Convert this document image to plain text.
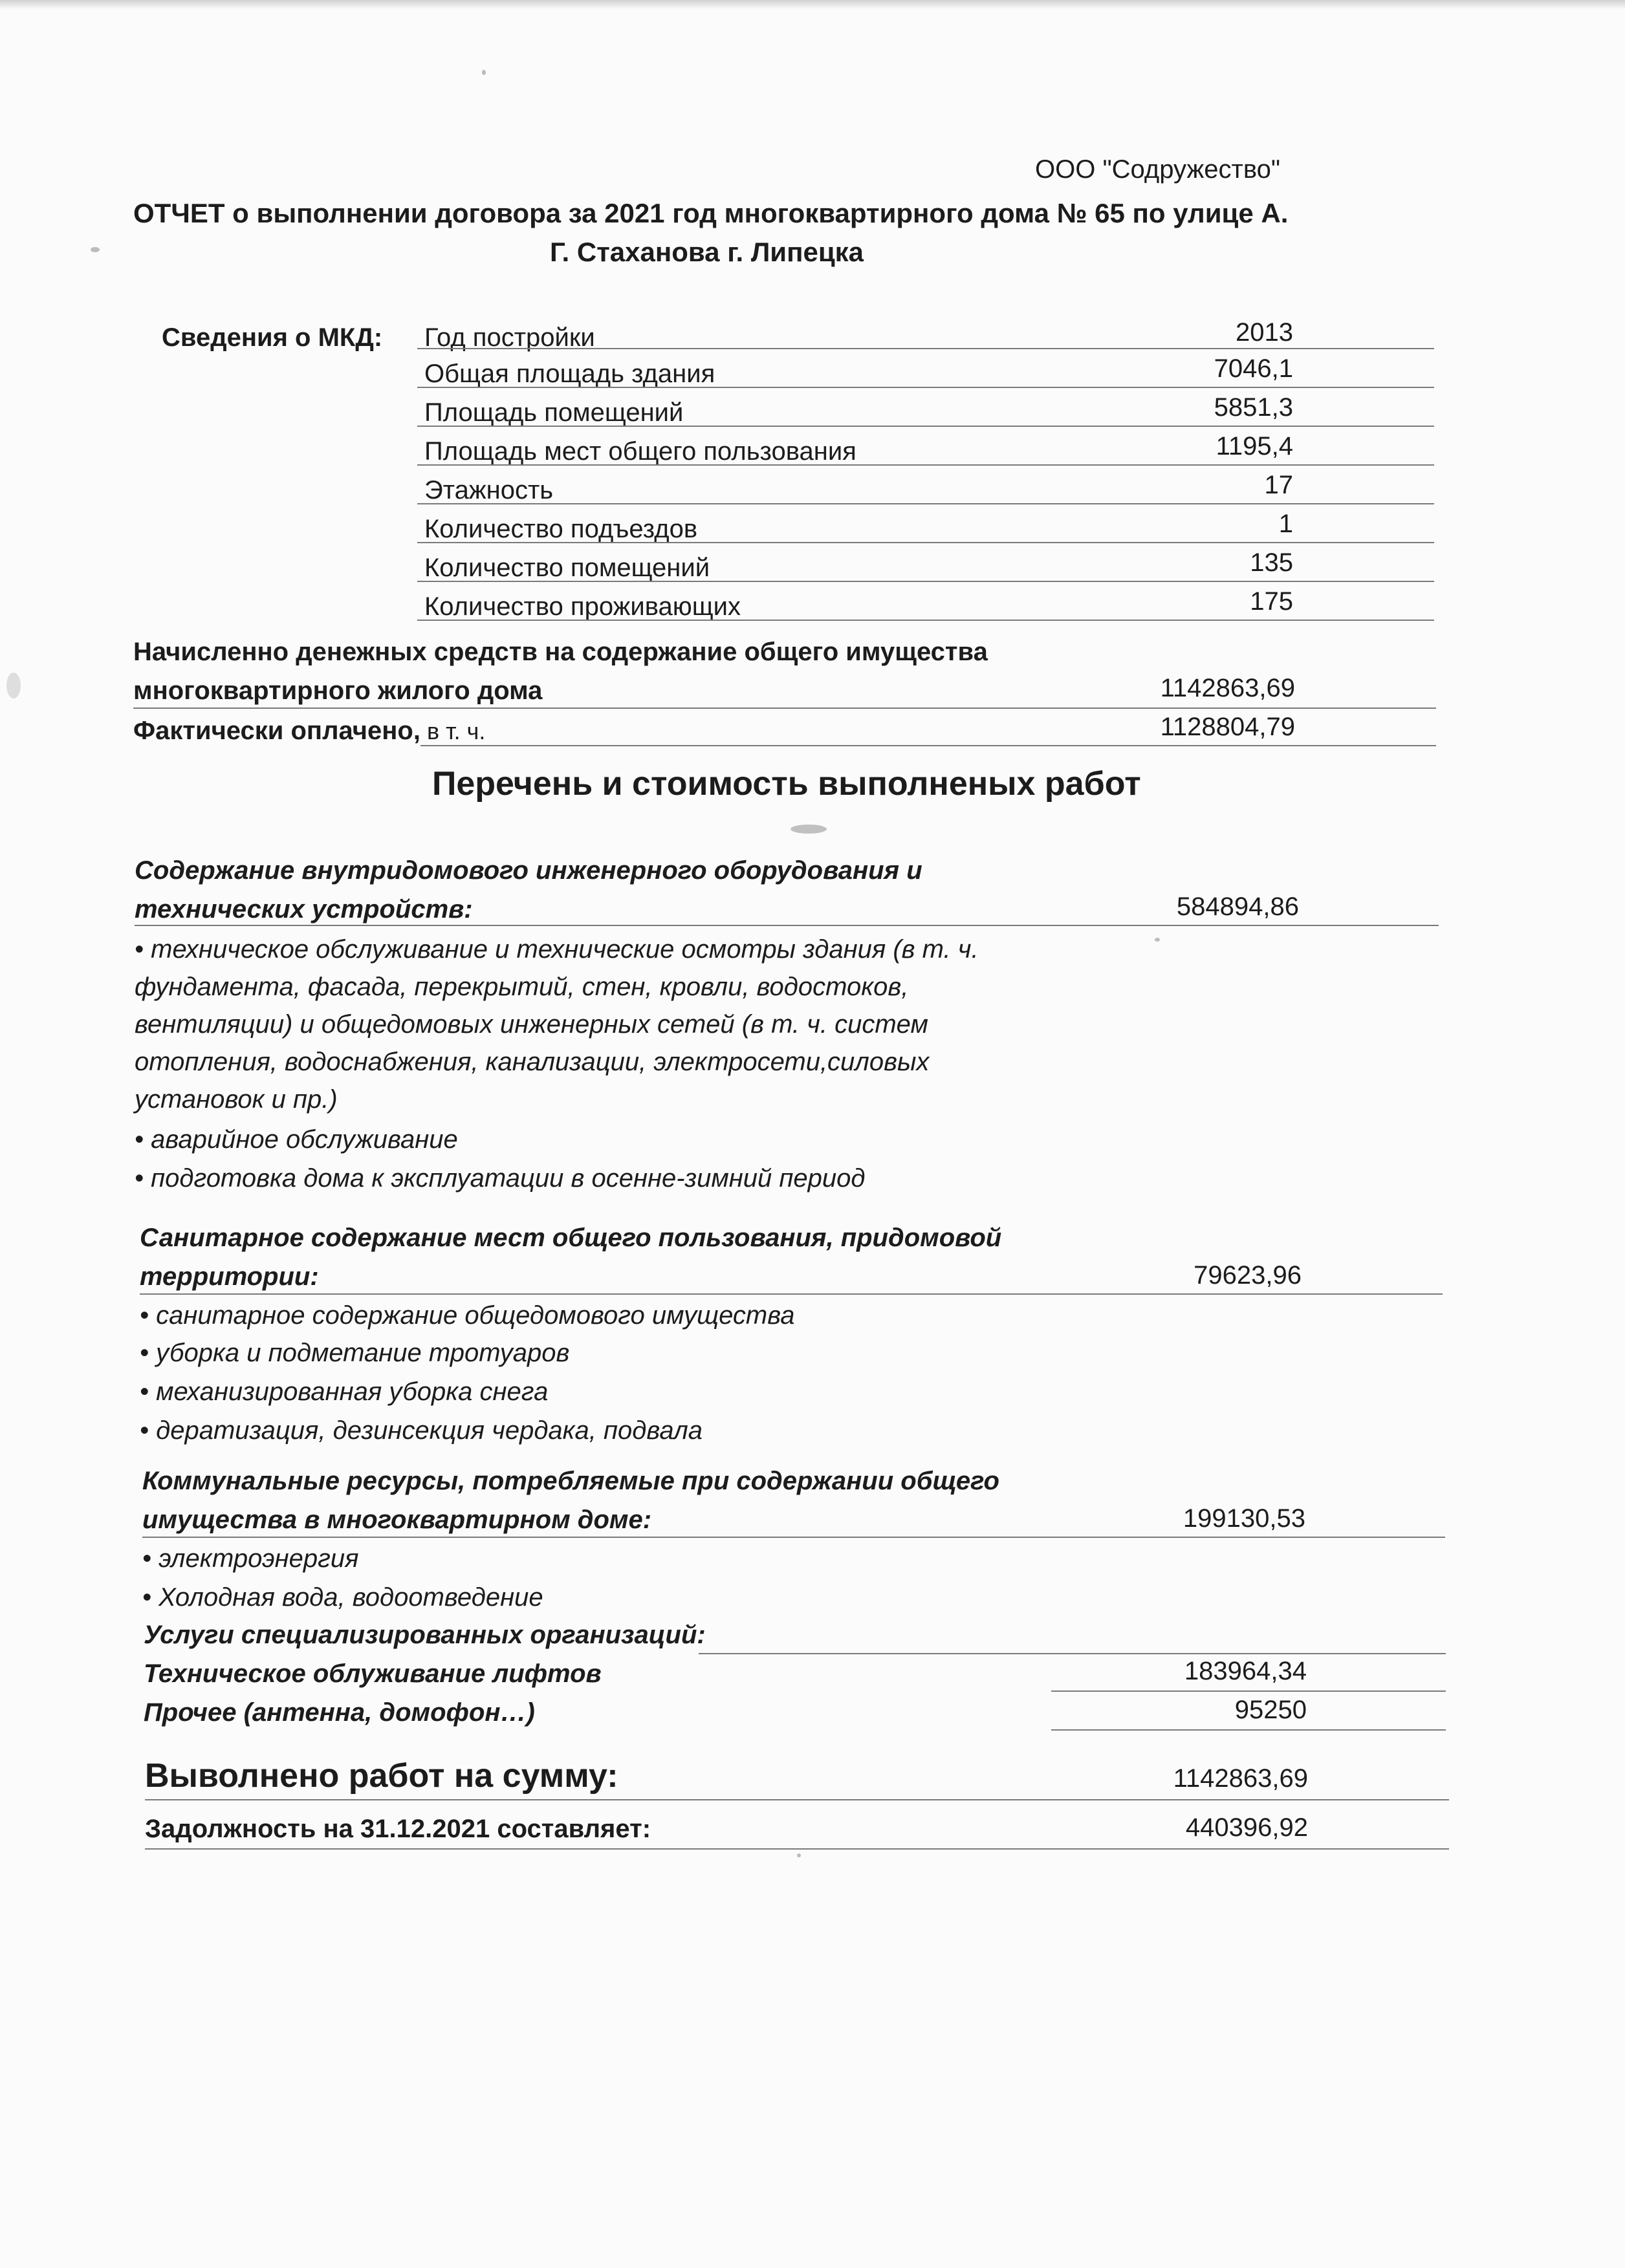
ООО "Содружество"
ОТЧЕТ о выполнении договора за 2021 год многоквартирного дома № 65 по улице А.
Г. Стаханова г. Липецка
Сведения о МКД: Год постройки	2013
Общая площадь здания	7046,1
Площадь помещений	5851,3
Площадь мест общего пользования	1195,4
Этажность	17
Количество подъездов	1
Количество помещений	135
Количество проживающих	175
Начисленно денежных средств на содержание общего имущества
многоквартирного жилого дома	1142863,69
Фактически оплачено, в т. ч.	1128804,79
Перечень и стоимость выполненых работ
Содержание внутридомового инженерного оборудования и
технических устройств:	584894,86
• техническое обслуживание и технические осмотры здания (в т. ч.
фундамента, фасада, перекрытий, стен, кровли, водостоков,
вентиляции) и общедомовых инженерных сетей (в т. ч. систем
отопления, водоснабжения, канализации, электросети,силовых
установок и пр.)
• аварийное обслуживание
• подготовка дома к эксплуатации в осенне-зимний период
Санитарное содержание мест общего пользования, придомовой
территории:	79623,96
• санитарное содержание общедомового имущества
• уборка и подметание тротуаров
• механизированная уборка снега
• дератизация, дезинсекция чердака, подвала
Коммунальные ресурсы, потребляемые при содержании общего
имущества в многоквартирном доме:	199130,53
• электроэнергия
• Холодная вода, водоотведение
Услуги специализированных организаций:
Техническое облуживание лифтов	183964,34
Прочее (антенна, домофон…)	95250
Выволнено работ на сумму:	1142863,69
Задолжность на 31.12.2021 составляет:	440396,92
